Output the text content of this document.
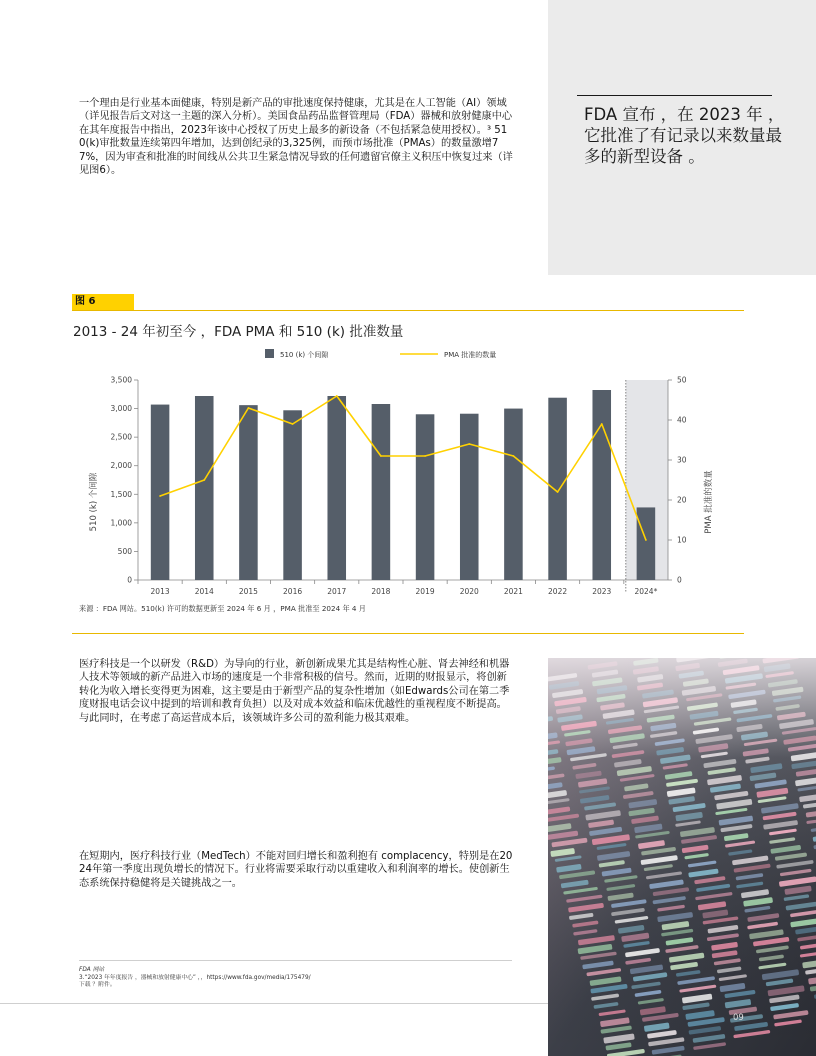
一个理由是行业基本面健康，特别是新产品的审批速度保持健康，尤其是在人工智能（AI）领域（详见报告后文对这一主题的深入分析）。美国食品药品监督管理局（FDA）器械和放射健康中心在其年度报告中指出，2023年该中心授权了历史上最多的新设备（不包括紧急使用授权）。³ 510(k)审批数量连续第四年增加，达到创纪录的3,325例，而预市场批准（PMAs）的数量激增77%，因为审查和批准的时间线从公共卫生紧急情况导致的任何遗留官僚主义积压中恢复过来（详见图6）。
FDA 宣布 ，在 2023 年 ，它批准了有记录以来数量最多的新型设备 。
图 6
2013 - 24 年初至今 ，FDA PMA 和 510 (k) 批准数量
510 (k) 个间隙	PMA 批准的数量
0
500
1,000
1,500
2,000
2,500
3,000
3,500
0
10
20
30
40
50
2013	2014	2015	2016	2017	2018	2019	2020	2021	2022	2023	2024*
510 (k) 个间隙	PMA 批准的数量
来源 ：FDA 网站。510(k) 许可的数据更新至 2024 年 6 月 ，PMA 批准至 2024 年 4 月
医疗科技是一个以研发（R&D）为导向的行业，新创新成果尤其是结构性心脏、肾去神经和机器人技术等领域的新产品进入市场的速度是一个非常积极的信号。然而，近期的财报显示，将创新转化为收入增长变得更为困难，这主要是由于新型产品的复杂性增加（如Edwards公司在第二季度财报电话会议中提到的培训和教育负担）以及对成本效益和临床优越性的重视程度不断提高。与此同时，在考虑了高运营成本后，该领域许多公司的盈利能力极其艰难。
在短期内，医疗科技行业（MedTech）不能对回归增长和盈利抱有 complacency，特别是在2024年第一季度出现负增长的情况下。行业将需要采取行动以重建收入和利润率的增长。使创新生态系统保持稳健将是关键挑战之一。
FDA 网站
3.“2023 年年度报告 ，器械和放射健康中心” ，，https://www.fda.gov/media/175479/
下载 ？附件。
09
